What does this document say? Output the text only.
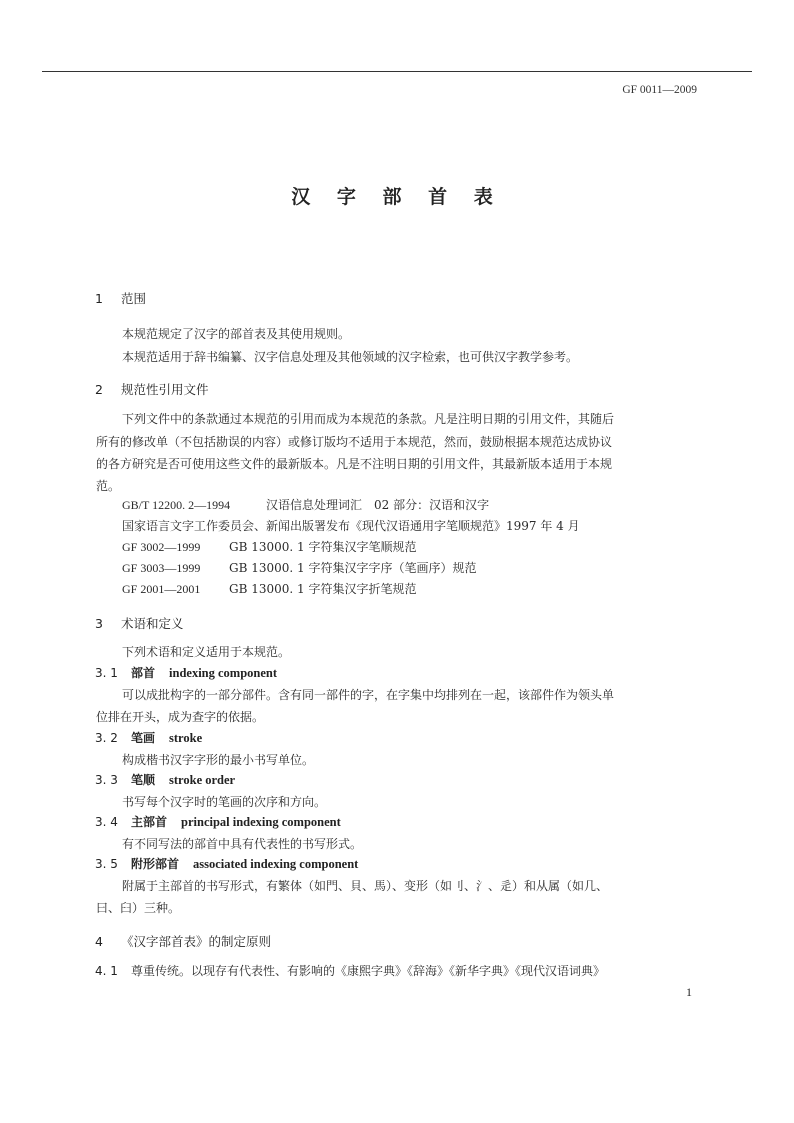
GF 0011—2009
汉 字 部 首 表
1 范围
本规范规定了汉字的部首表及其使用规则。
本规范适用于辞书编纂、汉字信息处理及其他领域的汉字检索，也可供汉字教学参考。
2 规范性引用文件
下列文件中的条款通过本规范的引用而成为本规范的条款。凡是注明日期的引用文件，其随后
所有的修改单（不包括勘误的内容）或修订版均不适用于本规范，然而，鼓励根据本规范达成协议
的各方研究是否可使用这些文件的最新版本。凡是不注明日期的引用文件，其最新版本适用于本规
范。
GB/T 12200. 2—1994	汉语信息处理词汇　02 部分：汉语和汉字
国家语言文字工作委员会、新闻出版署发布《现代汉语通用字笔顺规范》1997 年 4 月
GF 3002—1999 GB 13000. 1 字符集汉字笔顺规范
GF 3003—1999 GB 13000. 1 字符集汉字字序（笔画序）规范
GF 2001—2001 GB 13000. 1 字符集汉字折笔规范
3 术语和定义
下列术语和定义适用于本规范。
3. 1 部首 indexing component
可以成批构字的一部分部件。含有同一部件的字，在字集中均排列在一起，该部件作为领头单
位排在开头，成为查字的依据。
3. 2 笔画 stroke
构成楷书汉字字形的最小书写单位。
3. 3 笔顺 stroke order
书写每个汉字时的笔画的次序和方向。
3. 4 主部首 principal indexing component
有不同写法的部首中具有代表性的书写形式。
3. 5 附形部首 associated indexing component
附属于主部首的书写形式，有繁体（如門、貝、馬）、变形（如刂、氵、辵）和从属（如几、
曰、臼）三种。
4 《汉字部首表》的制定原则
4. 1 尊重传统。以现存有代表性、有影响的《康熙字典》《辞海》《新华字典》《现代汉语词典》
1
